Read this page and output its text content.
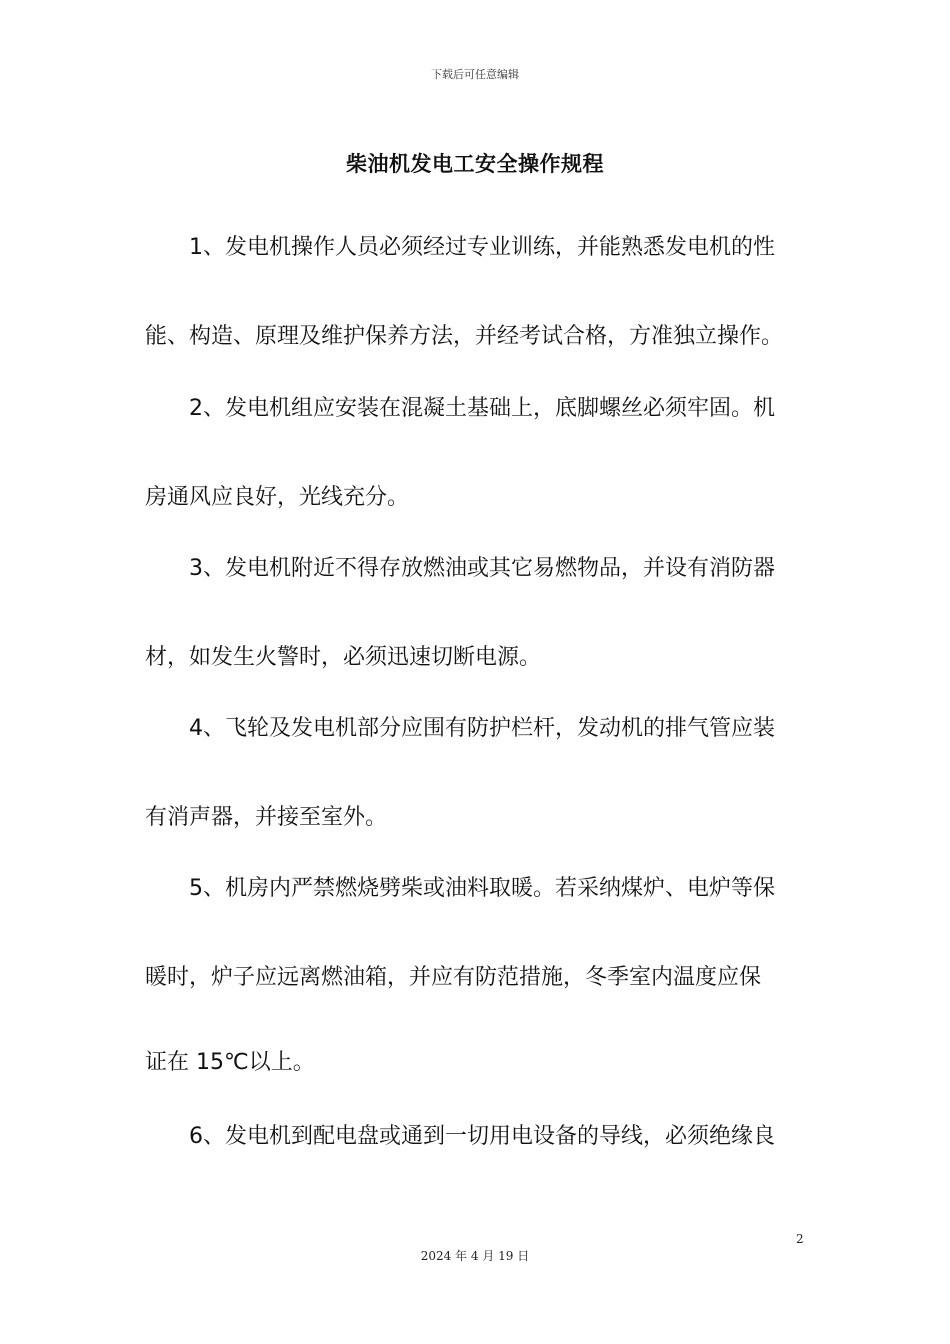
下载后可任意编辑
柴油机发电工安全操作规程
1、发电机操作人员必须经过专业训练，并能熟悉发电机的性
能、构造、原理及维护保养方法，并经考试合格，方准独立操作。
2、发电机组应安装在混凝土基础上，底脚螺丝必须牢固。机
房通风应良好，光线充分。
3、发电机附近不得存放燃油或其它易燃物品，并设有消防器
材，如发生火警时，必须迅速切断电源。
4、飞轮及发电机部分应围有防护栏杆，发动机的排气管应装
有消声器，并接至室外。
5、机房内严禁燃烧劈柴或油料取暖。若采纳煤炉、电炉等保
暖时，炉子应远离燃油箱，并应有防范措施，冬季室内温度应保
证在 15℃以上。
6、发电机到配电盘或通到一切用电设备的导线，必须绝缘良
2
2024 年 4 月 19 日
